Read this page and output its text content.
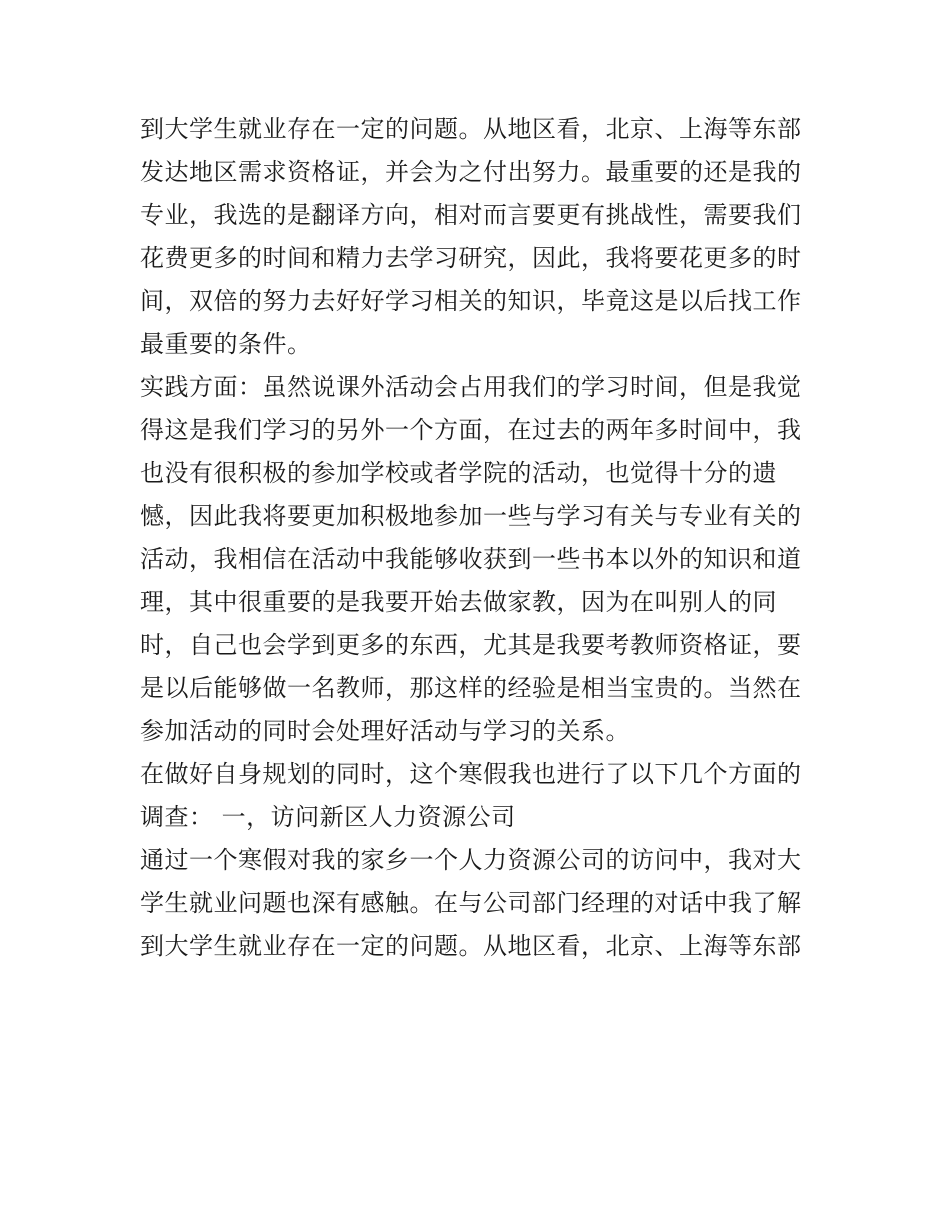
到大学生就业存在一定的问题。从地区看，北京、上海等东部
发达地区需求资格证，并会为之付出努力。最重要的还是我的
专业，我选的是翻译方向，相对而言要更有挑战性，需要我们
花费更多的时间和精力去学习研究，因此，我将要花更多的时
间，双倍的努力去好好学习相关的知识，毕竟这是以后找工作
最重要的条件。
实践方面：虽然说课外活动会占用我们的学习时间，但是我觉
得这是我们学习的另外一个方面，在过去的两年多时间中，我
也没有很积极的参加学校或者学院的活动，也觉得十分的遗
憾，因此我将要更加积极地参加一些与学习有关与专业有关的
活动，我相信在活动中我能够收获到一些书本以外的知识和道
理，其中很重要的是我要开始去做家教，因为在叫别人的同
时，自己也会学到更多的东西，尤其是我要考教师资格证，要
是以后能够做一名教师，那这样的经验是相当宝贵的。当然在
参加活动的同时会处理好活动与学习的关系。
在做好自身规划的同时，这个寒假我也进行了以下几个方面的
调查： 一，访问新区人力资源公司
通过一个寒假对我的家乡一个人力资源公司的访问中，我对大
学生就业问题也深有感触。在与公司部门经理的对话中我了解
到大学生就业存在一定的问题。从地区看，北京、上海等东部
